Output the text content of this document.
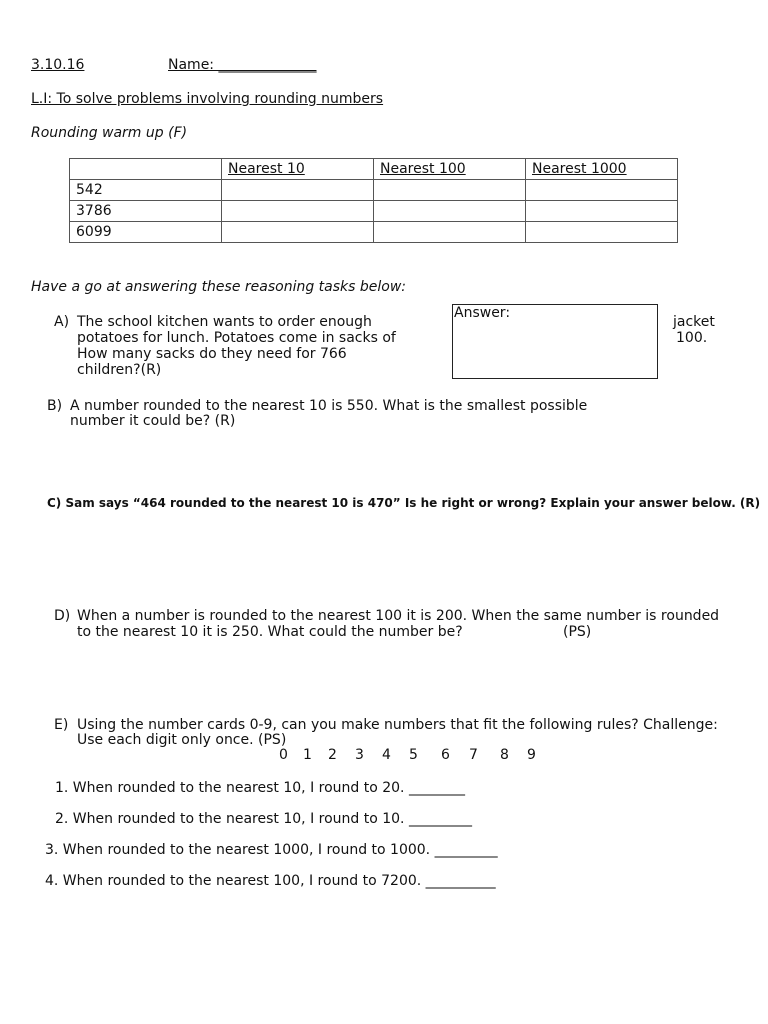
3.10.16	Name: ______________
L.I: To solve problems involving rounding numbers
Rounding warm up (F)
	Nearest 10	Nearest 100	Nearest 1000
542			
3786			
6099			
Have a go at answering these reasoning tasks below:
A) The school kitchen wants to order enough
potatoes for lunch. Potatoes come in sacks of
How many sacks do they need for 766
children?(R)
jacket
100.
Answer:
B) A number rounded to the nearest 10 is 550. What is the smallest possible
number it could be? (R)
C) Sam says “464 rounded to the nearest 10 is 470” Is he right or wrong? Explain your answer below. (R)
D) When a number is rounded to the nearest 100 it is 200. When the same number is rounded
to the nearest 10 it is 250. What could the number be?	(PS)
E) Using the number cards 0-9, can you make numbers that fit the following rules? Challenge:
Use each digit only once. (PS)
0 1 2 3 4 5 6 7 8 9
1. When rounded to the nearest 10, I round to 20. ________
2. When rounded to the nearest 10, I round to 10. _________
3. When rounded to the nearest 1000, I round to 1000. _________
4. When rounded to the nearest 100, I round to 7200. __________
